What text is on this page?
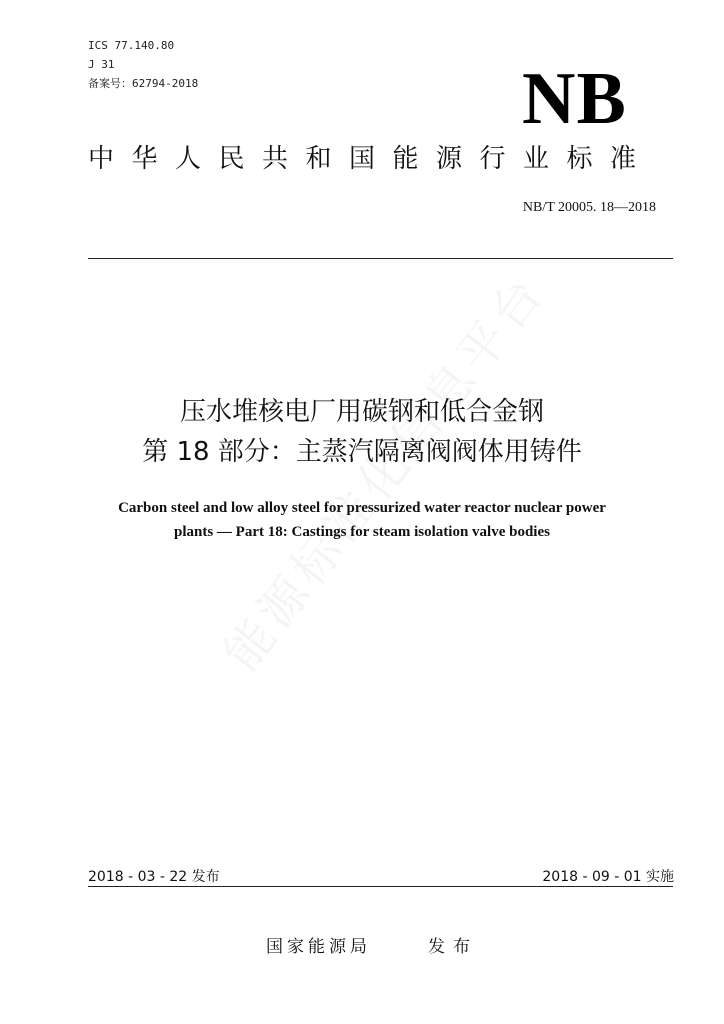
ICS 77.140.80
J 31
备案号：62794-2018	NB
中华人民共和国能源行业标准
NB/T 20005. 18—2018
压水堆核电厂用碳钢和低合金钢
第 18 部分：主蒸汽隔离阀阀体用铸件
Carbon steel and low alloy steel for pressurized water reactor nuclear power
plants — Part 18: Castings for steam isolation valve bodies
2018 - 03 - 22 发布	2018 - 09 - 01 实施
国家能源局	发布
